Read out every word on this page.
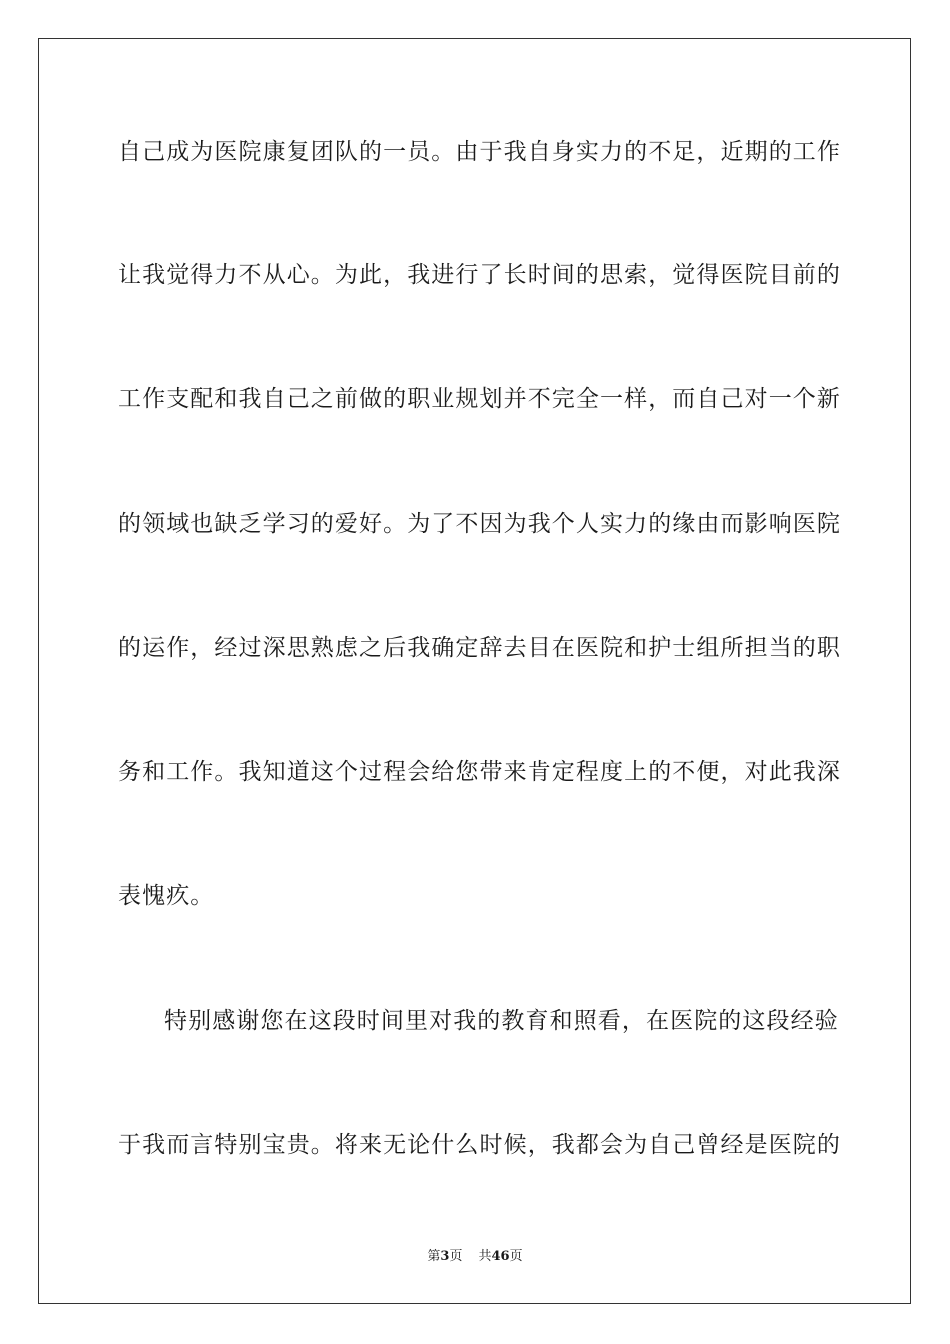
自己成为医院康复团队的一员。由于我自身实力的不足，近期的工作
让我觉得力不从心。为此，我进行了长时间的思索，觉得医院目前的
工作支配和我自己之前做的职业规划并不完全一样，而自己对一个新
的领域也缺乏学习的爱好。为了不因为我个人实力的缘由而影响医院
的运作，经过深思熟虑之后我确定辞去目在医院和护士组所担当的职
务和工作。我知道这个过程会给您带来肯定程度上的不便，对此我深
表愧疚。
特别感谢您在这段时间里对我的教育和照看，在医院的这段经验
于我而言特别宝贵。将来无论什么时候，我都会为自己曾经是医院的
第3页 共46页
